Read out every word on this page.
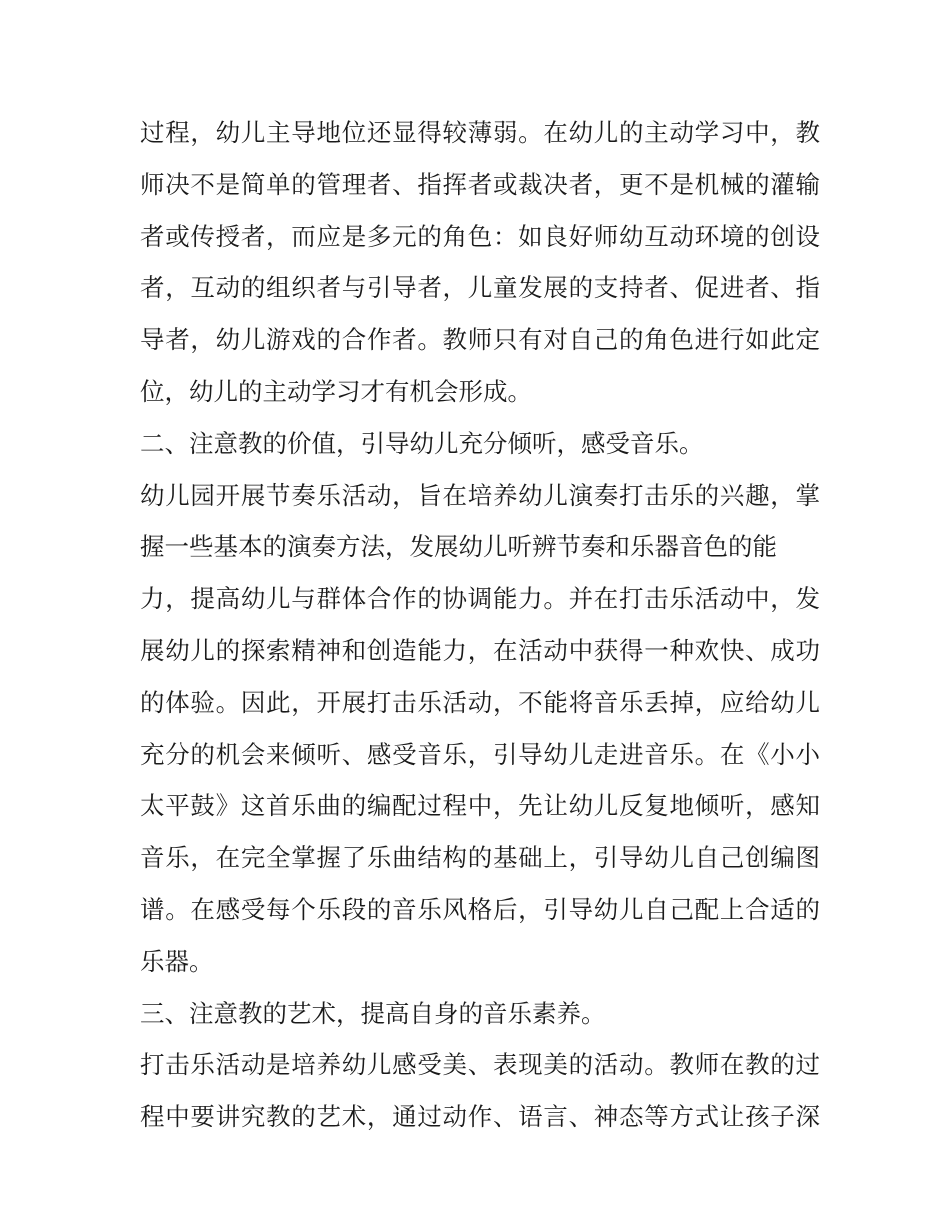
过程，幼儿主导地位还显得较薄弱。在幼儿的主动学习中，教
师决不是简单的管理者、指挥者或裁决者，更不是机械的灌输
者或传授者，而应是多元的角色：如良好师幼互动环境的创设
者，互动的组织者与引导者，儿童发展的支持者、促进者、指
导者，幼儿游戏的合作者。教师只有对自己的角色进行如此定
位，幼儿的主动学习才有机会形成。
二、注意教的价值，引导幼儿充分倾听，感受音乐。
幼儿园开展节奏乐活动，旨在培养幼儿演奏打击乐的兴趣，掌
握一些基本的演奏方法，发展幼儿听辨节奏和乐器音色的能
力，提高幼儿与群体合作的协调能力。并在打击乐活动中，发
展幼儿的探索精神和创造能力，在活动中获得一种欢快、成功
的体验。因此，开展打击乐活动，不能将音乐丢掉，应给幼儿
充分的机会来倾听、感受音乐，引导幼儿走进音乐。在《小小
太平鼓》这首乐曲的编配过程中，先让幼儿反复地倾听，感知
音乐，在完全掌握了乐曲结构的基础上，引导幼儿自己创编图
谱。在感受每个乐段的音乐风格后，引导幼儿自己配上合适的
乐器。
三、注意教的艺术，提高自身的音乐素养。
打击乐活动是培养幼儿感受美、表现美的活动。教师在教的过
程中要讲究教的艺术，通过动作、语言、神态等方式让孩子深
